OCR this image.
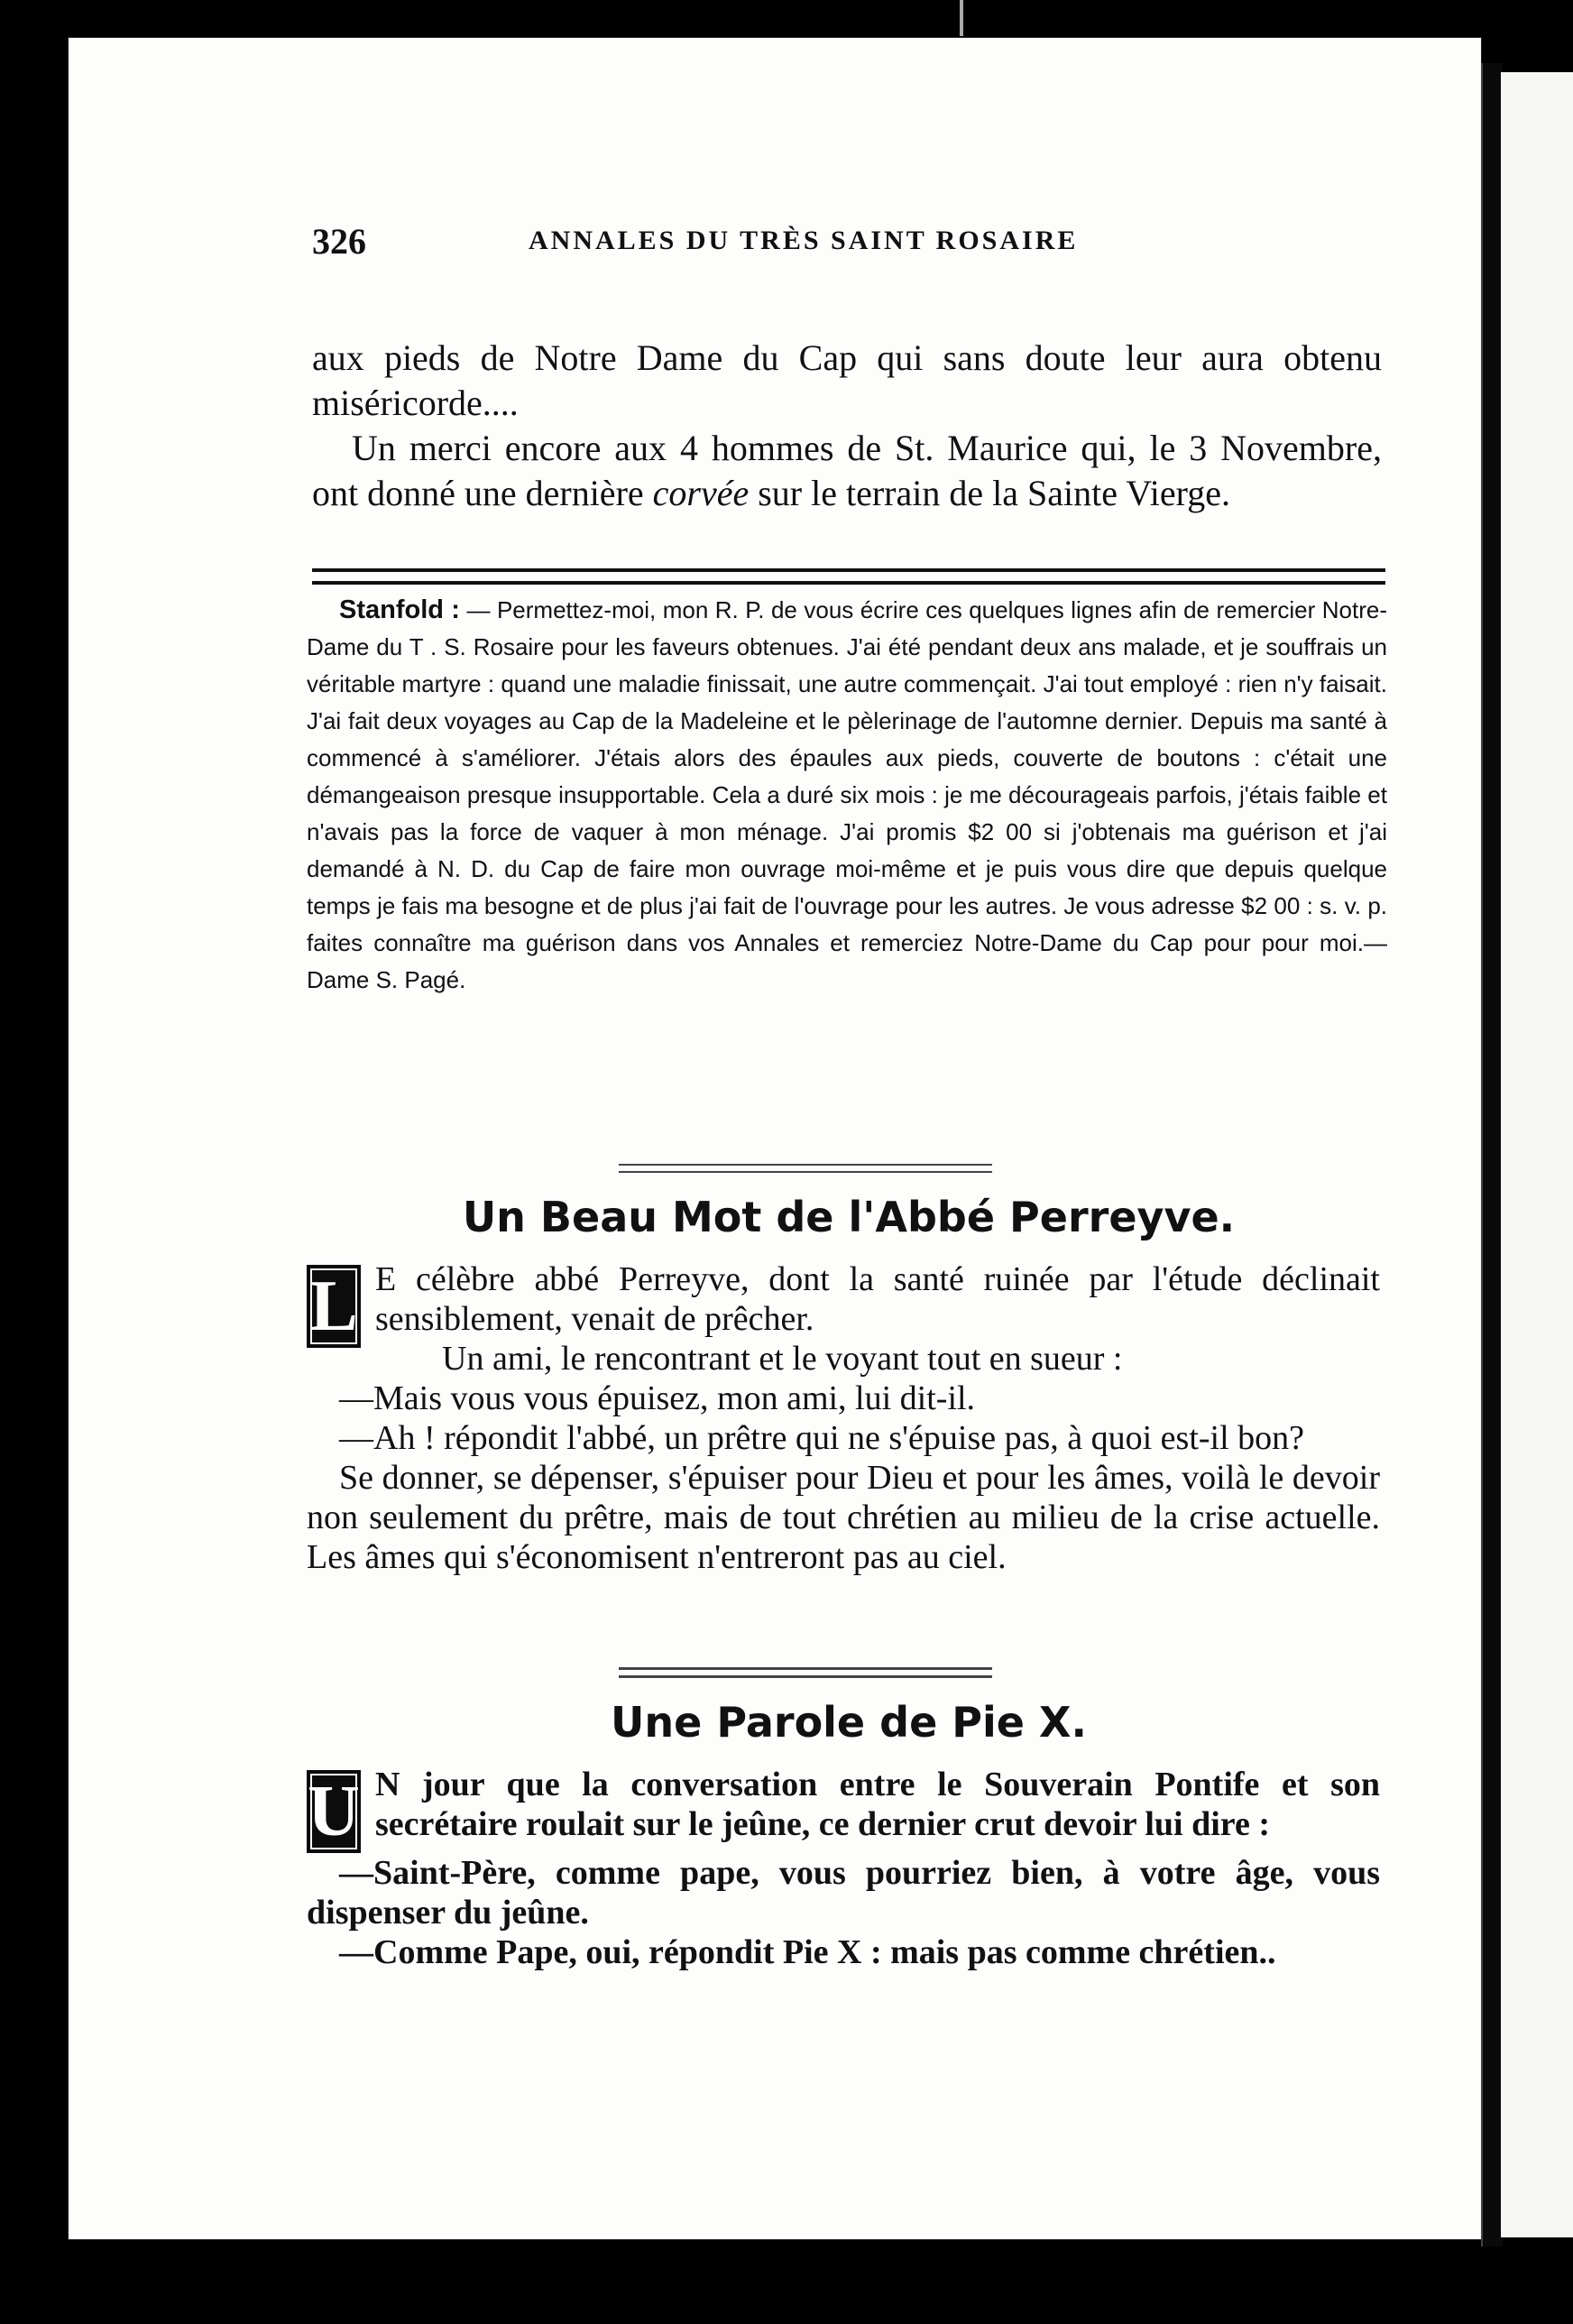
326	ANNALES DU TRÈS SAINT ROSAIRE

aux pieds de Notre Dame du Cap qui sans doute leur aura obtenu miséricorde....

Un merci encore aux 4 hommes de St. Maurice qui, le 3 Novembre, ont donné une dernière corvée sur le terrain de la Sainte Vierge.

Stanfold : — Permettez-moi, mon R. P. de vous écrire ces quelques lignes afin de remercier Notre-Dame du T . S. Rosaire pour les faveurs obtenues. J'ai été pendant deux ans malade, et je souffrais un véritable martyre : quand une maladie finissait, une autre commençait. J'ai tout employé : rien n'y faisait. J'ai fait deux voyages au Cap de la Madeleine et le pèlerinage de l'automne dernier. Depuis ma santé à commencé à s'améliorer. J'étais alors des épaules aux pieds, couverte de boutons : c'était une démangeaison presque insupportable. Cela a duré six mois : je me décourageais parfois, j'étais faible et n'avais pas la force de vaquer à mon ménage. J'ai promis $2 00 si j'obtenais ma guérison et j'ai demandé à N. D. du Cap de faire mon ouvrage moi-même et je puis vous dire que depuis quelque temps je fais ma besogne et de plus j'ai fait de l'ouvrage pour les autres. Je vous adresse $2 00 : s. v. p. faites connaître ma guérison dans vos Annales et remerciez Notre-Dame du Cap pour pour moi.—Dame S. Pagé.
Un Beau Mot de l'Abbé Perreyve.
L E célèbre abbé Perreyve, dont la santé ruinée par l'étude déclinait sensiblement, venait de prêcher.

Un ami, le rencontrant et le voyant tout en sueur :

—Mais vous vous épuisez, mon ami, lui dit-il.

—Ah ! répondit l'abbé, un prêtre qui ne s'épuise pas, à quoi est-il bon?

Se donner, se dépenser, s'épuiser pour Dieu et pour les âmes, voilà le devoir non seulement du prêtre, mais de tout chrétien au milieu de la crise actuelle. Les âmes qui s'économisent n'entreront pas au ciel.

Une Parole de Pie X.
U N jour que la conversation entre le Souverain Pontife et son secrétaire roulait sur le jeûne, ce dernier crut devoir lui dire :

—Saint-Père, comme pape, vous pourriez bien, à votre âge, vous dispenser du jeûne.

—Comme Pape, oui, répondit Pie X : mais pas comme chrétien..
